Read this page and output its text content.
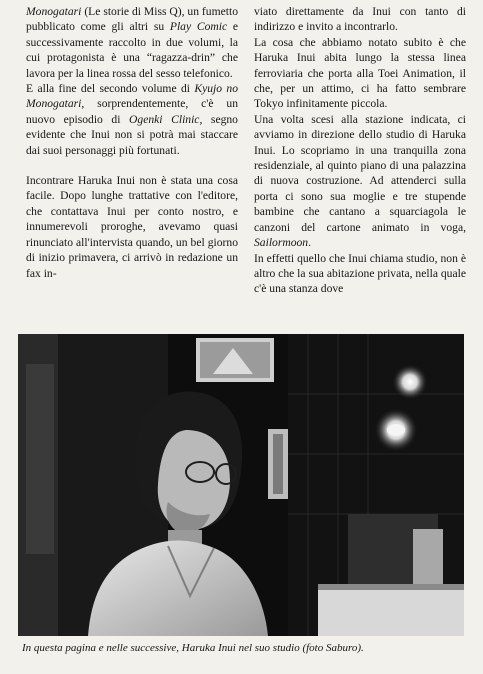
Monogatari (Le storie di Miss Q), un fumetto pubblicato come gli altri su Play Comic e successivamente raccolto in due volumi, la cui protagonista è una “ragazza-drin” che lavora per la linea rossa del sesso telefonico.

E alla fine del secondo volume di Kyujo no Monogatari, sorprendentemente, c'è un nuovo episodio di Ogenki Clinic, segno evidente che Inui non si potrà mai staccare dai suoi personaggi più fortunati.

Incontrare Haruka Inui non è stata una cosa facile. Dopo lunghe trattative con l'editore, che contattava Inui per conto nostro, e innumerevoli proroghe, avevamo quasi rinunciato all'intervista quando, un bel giorno di inizio primavera, ci arrivò in redazione un fax in-

viato direttamente da Inui con tanto di indirizzo e invito a incontrarlo.

La cosa che abbiamo notato subito è che Haruka Inui abita lungo la stessa linea ferroviaria che porta alla Toei Animation, il che, per un attimo, ci ha fatto sembrare Tokyo infinitamente piccola.

Una volta scesi alla stazione indicata, ci avviamo in direzione dello studio di Haruka Inui. Lo scopriamo in una tranquilla zona residenziale, al quinto piano di una palazzina di nuova costruzione. Ad attenderci sulla porta ci sono sua moglie e tre stupende bambine che cantano a squarciagola le canzoni del cartone animato in voga, Sailormoon.

In effetti quello che Inui chiama studio, non è altro che la sua abitazione privata, nella quale c'è una stanza dove

In questa pagina e nelle successive, Haruka Inui nel suo studio (foto Saburo).
